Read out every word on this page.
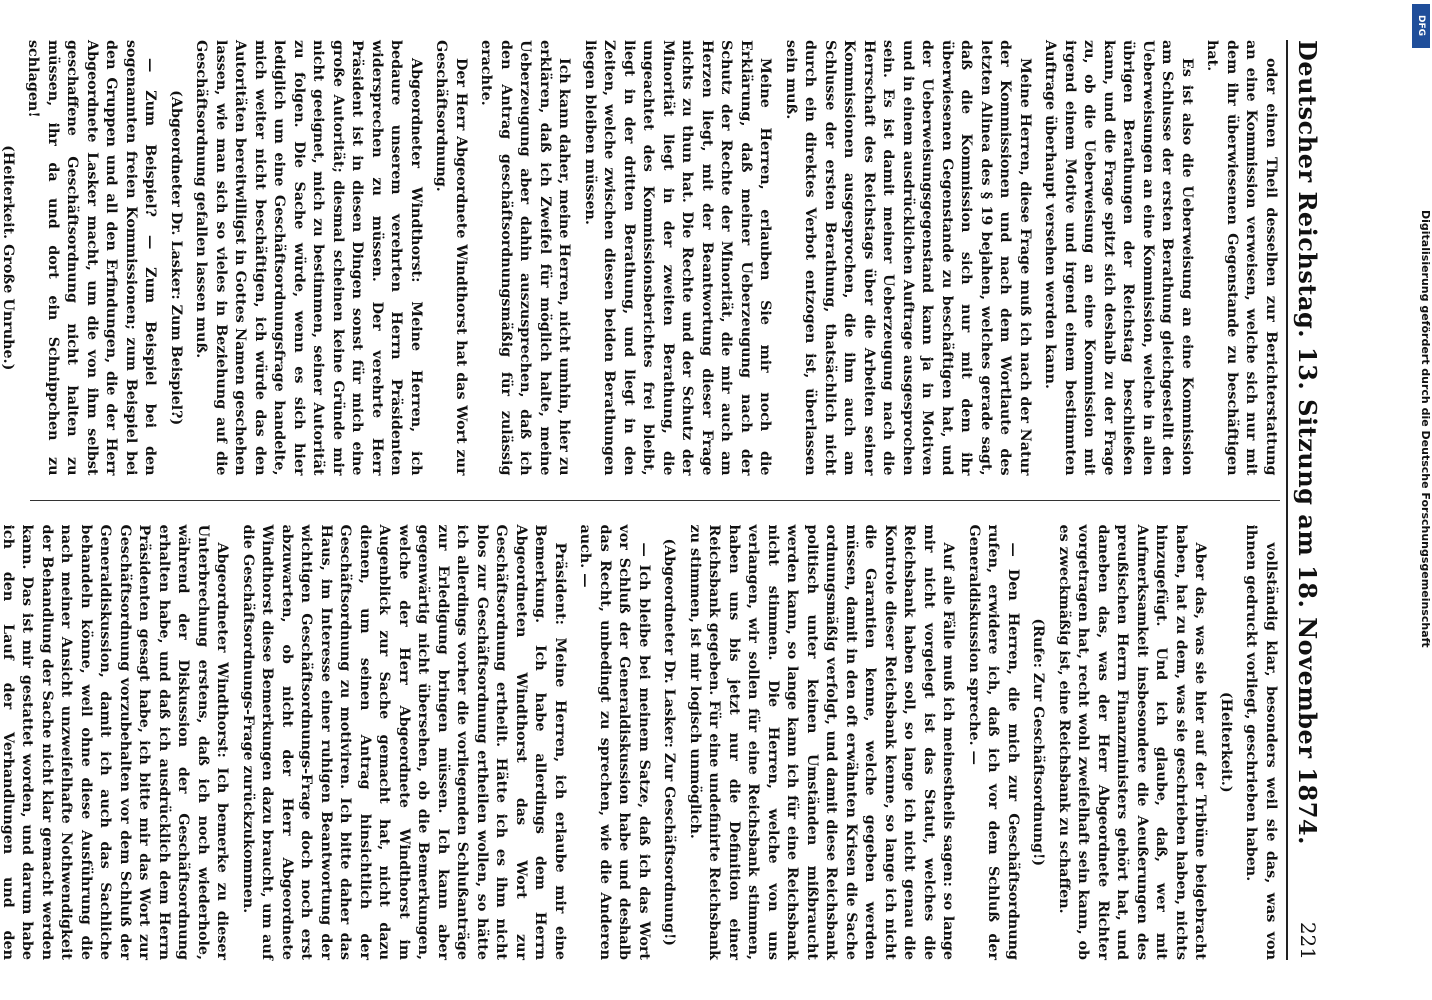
Deutscher Reichstag. 13. Sitzung am 18. November 1874.
221

oder einen Theil desselben zur Berichterstattung an eine Kommission verweisen, welche sich nur mit dem ihr überwiesenen Gegenstande zu beschäftigen hat.

Es ist also die Ueberweisung an eine Kommission am Schlusse der ersten Berathung gleichgestellt den Ueberweisungen an eine Kommission, welche in allen übrigen Berathungen der Reichstag beschließen kann, und die Frage spitzt sich deshalb zu der Frage zu, ob die Ueberweisung an eine Kommission mit irgend einem Motive und irgend einem bestimmten Auftrage überhaupt versehen werden kann.

Meine Herren, diese Frage muß ich nach der Natur der Kommissionen und nach dem Wortlaute des letzten Alinea des § 19 bejahen, welches gerade sagt, daß die Kommission sich nur mit dem ihr überwiesenen Gegenstande zu beschäftigen hat, und der Ueberweisungsgegenstand kann ja in Motiven und in einem ausdrücklichen Auftrage ausgesprochen sein. Es ist damit meiner Ueberzeugung nach die Herrschaft des Reichstags über die Arbeiten seiner Kommissionen ausgesprochen, die ihm auch am Schlusse der ersten Berathung, thatsächlich nicht durch ein direktes Verbot entzogen ist, überlassen sein muß.

Meine Herren, erlauben Sie mir noch die Erklärung, daß meiner Ueberzeugung nach der Schutz der Rechte der Minorität, die mir auch am Herzen liegt, mit der Beantwortung dieser Frage nichts zu thun hat. Die Rechte und der Schutz der Minorität liegt in der zweiten Berathung, die ungeachtet des Kommissionsberichtes frei bleibt, liegt in der dritten Berathung, und liegt in den Zeiten, welche zwischen diesen beiden Berathungen liegen bleiben müssen.

Ich kann daher, meine Herren, nicht umhin, hier zu erklären, daß ich Zweifel für möglich halte, meine Ueberzeugung aber dahin auszusprechen, daß ich den Antrag geschäftsordnungsmäßig für zulässig erachte.

Der Herr Abgeordnete Windthorst hat das Wort zur Geschäftsordnung.

Abgeordneter Windthorst: Meine Herren, ich bedaure unserem verehrten Herrn Präsidenten widersprechen zu müssen. Der verehrte Herr Präsident ist in diesen Dingen sonst für mich eine große Autorität; diesmal scheinen keine Gründe mir nicht geeignet, mich zu bestimmen, seiner Autorität zu folgen. Die Sache würde, wenn es sich hier lediglich um eine Geschäftsordnungsfrage handelte, mich weiter nicht beschäftigen, ich würde das den Autoritäten bereitwilligst in Gottes Namen geschehen lassen, wie man sich so vieles in Beziehung auf die Geschäftsordnung gefallen lassen muß.

(Abgeordneter Dr. Lasker: Zum Beispiel?)

— Zum Beispiel? — Zum Beispiel bei den sogenannten freien Kommissionen; zum Beispiel bei den Gruppen und all den Erfindungen, die der Herr Abgeordnete Lasker macht, um die von ihm selbst geschaffene Geschäftsordnung nicht halten zu müssen, ihr da und dort ein Schnippchen zu schlagen!

(Heiterkeit. Große Unruhe.)

vollständig klar, besonders weil sie das, was von ihnen gedruckt vorliegt, geschrieben haben.

(Heiterkeit.)

Aber das, was sie hier auf der Tribüne beigebracht haben, hat zu dem, was sie geschrieben haben, nichts hinzugefügt. Und ich glaube, daß, wer mit Aufmerksamkeit insbesondere die Aeußerungen des preußischen Herrn Finanzministers gehört hat, und daneben das, was der Herr Abgeordnete Richter vorgetragen hat, recht wohl zweifelhaft sein kann, ob es zweckmäßig ist, eine Reichsbank zu schaffen.

(Rufe: Zur Geschäftsordnung!)

— Den Herren, die mich zur Geschäftsordnung rufen, erwidere ich, daß ich vor dem Schluß der Generaldiskussion spreche. —

Auf alle Fälle muß ich meinestheils sagen: so lange mir nicht vorgelegt ist das Statut, welches die Reichsbank haben soll, so lange ich nicht genau die Kontrole dieser Reichsbank kenne, so lange ich nicht die Garantien kenne, welche gegeben werden müssen, damit in den oft erwähnten Krisen die Sache ordnungsmäßig verfolgt, und damit diese Reichsbank politisch unter keinen Umständen mißbraucht werden kann, so lange kann ich für eine Reichsbank nicht stimmen. Die Herren, welche von uns verlangen, wir sollen für eine Reichsbank stimmen, haben uns bis jetzt nur die Definition einer Reichsbank gegeben. Für eine undefinirte Reichsbank zu stimmen, ist mir logisch unmöglich.

(Abgeordneter Dr. Lasker: Zur Geschäftsordnung!)

— Ich bleibe bei meinem Satze, daß ich das Wort vor Schluß der Generaldiskussion habe und deshalb das Recht, unbedingt zu sprechen, wie die Anderen auch. —

Präsident: Meine Herren, ich erlaube mir eine Bemerkung. Ich habe allerdings dem Herrn Abgeordneten Windthorst das Wort zur Geschäftsordnung ertheilt. Hätte ich es ihm nicht blos zur Geschäftsordnung ertheilen wollen, so hätte ich allerdings vorher die vorliegenden Schlußanträge zur Erledigung bringen müssen. Ich kann aber gegenwärtig nicht übersehen, ob die Bemerkungen, welche der Herr Abgeordnete Windthorst im Augenblick zur Sache gemacht hat, nicht dazu dienen, um seinen Antrag hinsichtlich der Geschäftsordnung zu motiviren. Ich bitte daher das Haus, im Interesse einer ruhigen Beantwortung der wichtigen Geschäftsordnungs-Frage doch noch erst abzuwarten, ob nicht der Herr Abgeordnete Windthorst diese Bemerkungen dazu braucht, um auf die Geschäftsordnungs-Frage zurückzukommen.

Abgeordneter Windthorst: Ich bemerke zu dieser Unterbrechung erstens, daß ich noch wiederhole, während der Diskussion der Geschäftsordnung erhalten habe, und daß ich ausdrücklich dem Herrn Präsidenten gesagt habe, ich bitte mir das Wort zur Geschäftsordnung vorzubehalten vor dem Schluß der Generaldiskussion, damit ich auch das Sachliche behandeln könne, weil ohne diese Ausführung die nach meiner Ansicht unzweifelhafte Nothwendigkeit der Behandlung der Sache nicht klar gemacht werden kann. Das ist mir gestattet worden, und darum habe ich den Lauf der Verhandlungen und den

Digitalisierung gefördert durch die Deutsche Forschungsgemeinschaft
DFG
